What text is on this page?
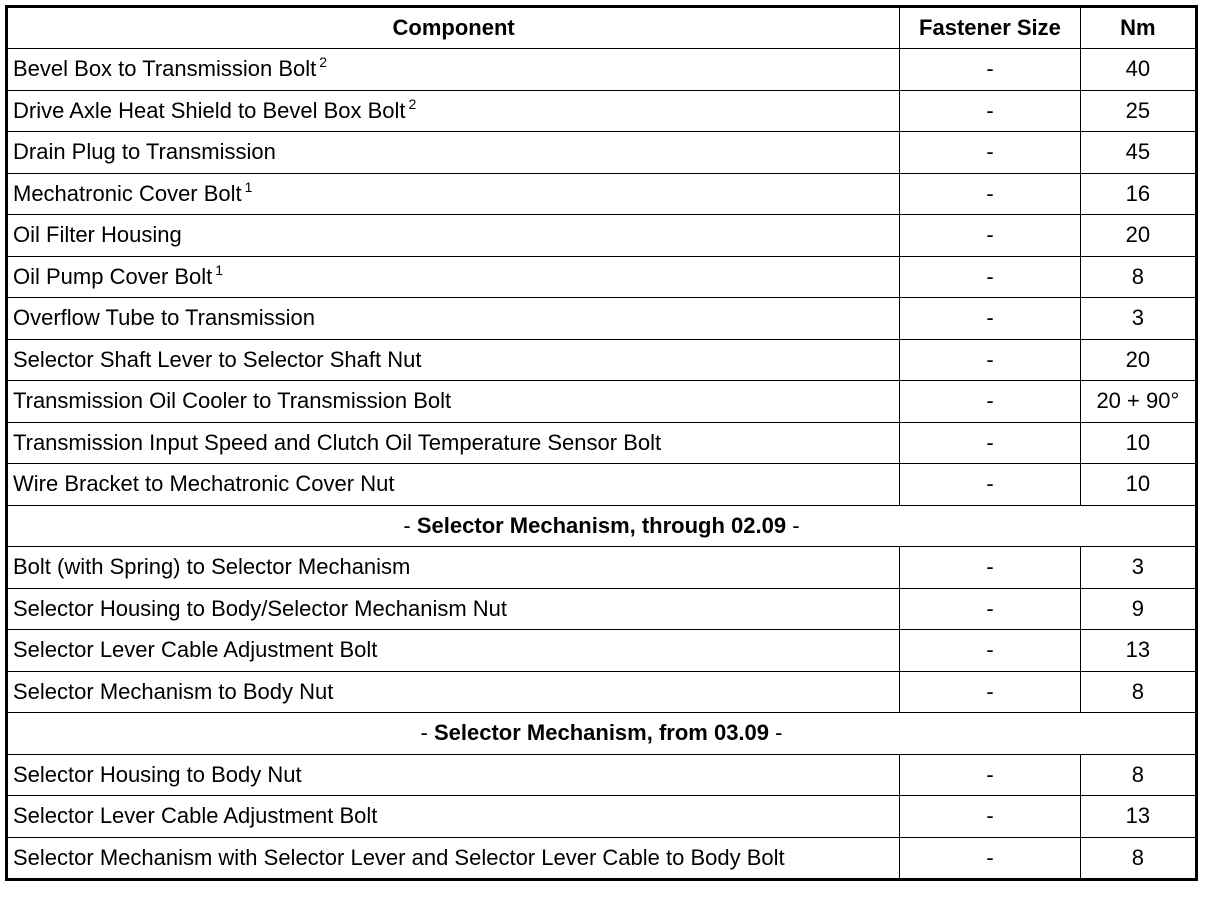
Component	Fastener Size	Nm
Bevel Box to Transmission Bolt $^2$	-	40
Drive Axle Heat Shield to Bevel Box Bolt $^2$	-	25
Drain Plug to Transmission	-	45
Mechatronic Cover Bolt $^1$	-	16
Oil Filter Housing	-	20
Oil Pump Cover Bolt $^1$	-	8
Overflow Tube to Transmission	-	3
Selector Shaft Lever to Selector Shaft Nut	-	20
Transmission Oil Cooler to Transmission Bolt	-	20 + 90°
Transmission Input Speed and Clutch Oil Temperature Sensor Bolt	-	10
Wire Bracket to Mechatronic Cover Nut	-	10
- Selector Mechanism, through 02.09 -		
Bolt (with Spring) to Selector Mechanism	-	3
Selector Housing to Body/Selector Mechanism Nut	-	9
Selector Lever Cable Adjustment Bolt	-	13
Selector Mechanism to Body Nut	-	8
- Selector Mechanism, from 03.09 -		
Selector Housing to Body Nut	-	8
Selector Lever Cable Adjustment Bolt	-	13
Selector Mechanism with Selector Lever and Selector Lever Cable to Body Bolt	-	8
